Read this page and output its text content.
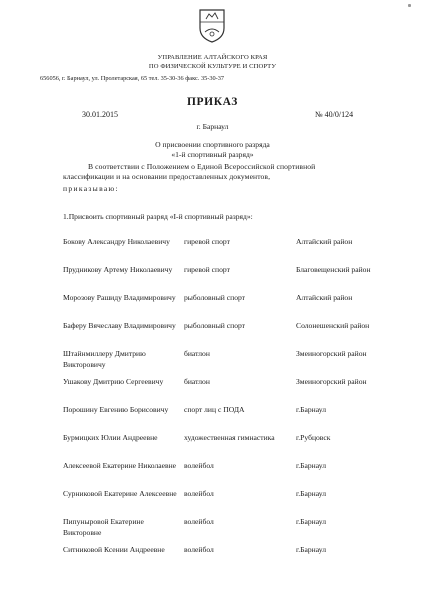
УПРАВЛЕНИЕ АЛТАЙСКОГО КРАЯ
ПО ФИЗИЧЕСКОЙ КУЛЬТУРЕ И СПОРТУ
656056, г. Барнаул, ул. Пролетарская, 65 тел. 35-30-36 факс. 35-30-37
ПРИКАЗ
30.01.2015	№ 40/0/124
г. Барнаул
О присвоении спортивного разряда
«1-й спортивный разряд»
В соответствии с Положением о Единой Всероссийской спортивной
классификации и на основании предоставленных документов,
приказываю:
1.Присвоить спортивный разряд «I-й спортивный разряд»:
Бокову Александру Николаевичу	гиревой спорт	Алтайский район
Прудникову Артему Николаевичу	гиревой спорт	Благовещенский район
Морозову Рашиду Владимировичу	рыболовный спорт	Алтайский район
Баферу Вячеславу Владимировичу	рыболовный спорт	Солонешенский район
Штайнмиллеру Дмитрию Викторовичу
биатлон	Змеиногорский район
Ушакову Дмитрию Сергеевичу	биатлон	Змеиногорский район
Порошину Евгению Борисовичу	спорт лиц с ПОДА	г.Барнаул
Бурмицких Юлии Андреевне	художественная гимнастика	г.Рубцовск
Алексеевой Екатерине Николаевне	волейбол	г.Барнаул
Сурниковой Екатерине Алексеевне волейбол	г.Барнаул
Пипуныровой Екатерине Викторовне
волейбол	г.Барнаул
Ситниковой Ксении Андреевне	волейбол	г.Барнаул
